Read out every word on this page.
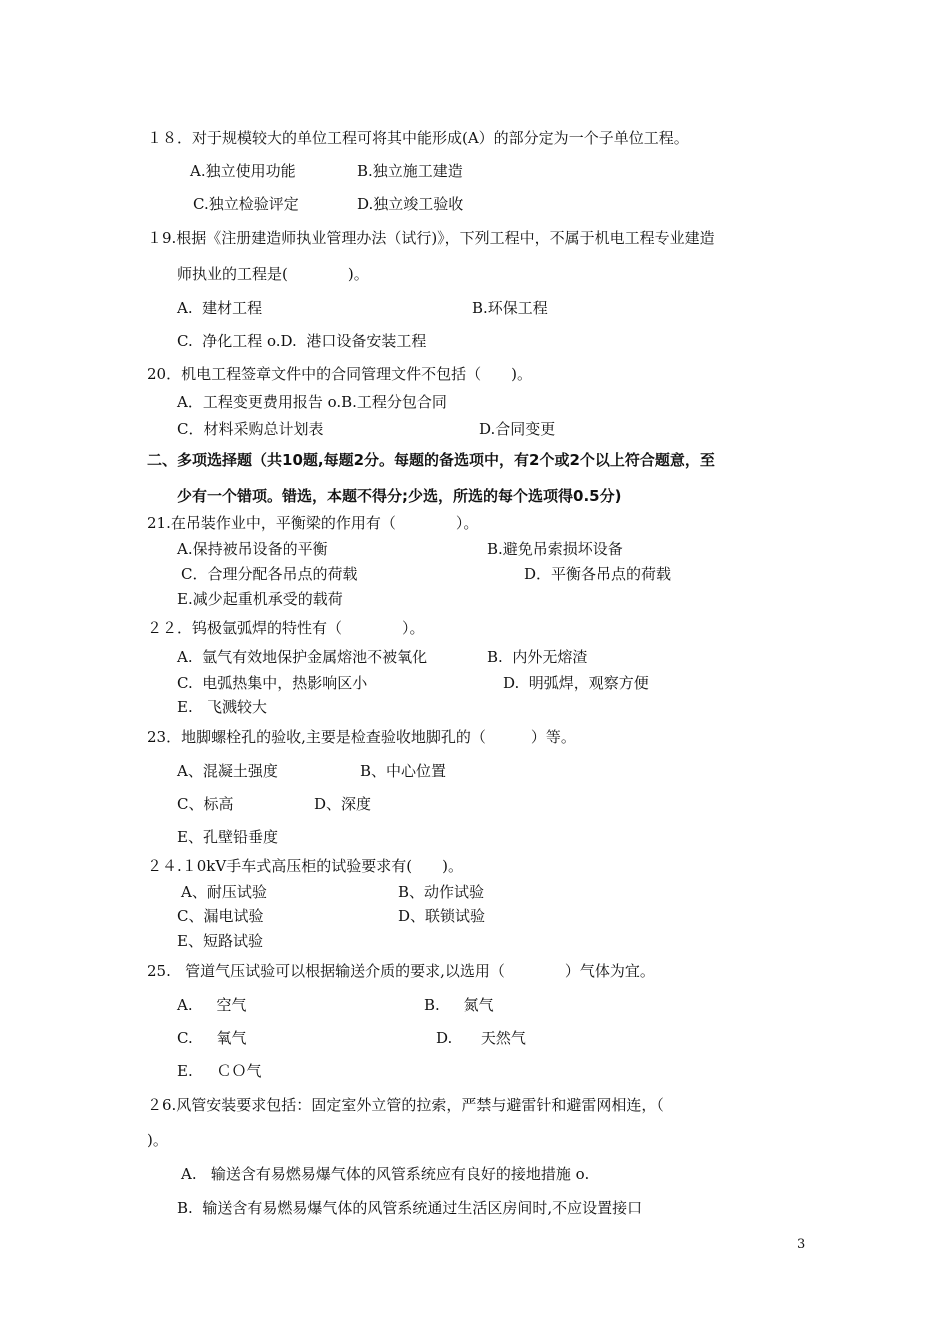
１８．对于规模较大的单位工程可将其中能形成(A）的部分定为一个子单位工程。
A.独立使用功能	B.独立施工建造
C.独立检验评定	D.独立竣工验收
１9.根据《注册建造师执业管理办法（试行)》，下列工程中，不属于机电工程专业建造
师执业的工程是(　　　　)。
A.  建材工程	B.环保工程
C.  净化工程 o.D.  港口设备安装工程
20．机电工程签章文件中的合同管理文件不包括（　　)。
A．工程变更费用报告 o.B.工程分包合同
C．材料采购总计划表	D.合同变更
二、多项选择题（共10题,每题2分。每题的备选项中，有2个或2个以上符合题意，至
少有一个错项。错选，本题不得分;少选，所选的每个选项得0.5分)
21.在吊装作业中，平衡梁的作用有（　　　　）。
A.保持被吊设备的平衡	B.避免吊索损坏设备
C．合理分配各吊点的荷载	D．平衡各吊点的荷载
E.减少起重机承受的载荷
２２．钨极氩弧焊的特性有（　　　　）。
A.  氩气有效地保护金属熔池不被氧化	B.  内外无熔渣
C.  电弧热集中，热影响区小	D.  明弧焊，观察方便
E.   飞溅较大
23．地脚螺栓孔的验收,主要是检查验收地脚孔的（　　　）等。
A、混凝土强度	B、中心位置
C、标高	D、深度
E、孔壁铅垂度
２４.１0kV手车式高压柜的试验要求有(　　)。
A、耐压试验	B、动作试验
C、漏电试验	D、联锁试验
E、短路试验
25.   管道气压试验可以根据输送介质的要求,以选用（　　　　）气体为宜。
A.     空气	B.     氮气
C.     氧气	D.      天然气
E.     ＣＯ气
２6.风管安装要求包括：固定室外立管的拉索，严禁与避雷针和避雷网相连，（
)。
A.   输送含有易燃易爆气体的风管系统应有良好的接地措施 o.
B.  输送含有易燃易爆气体的风管系统通过生活区房间时,不应设置接口
3
